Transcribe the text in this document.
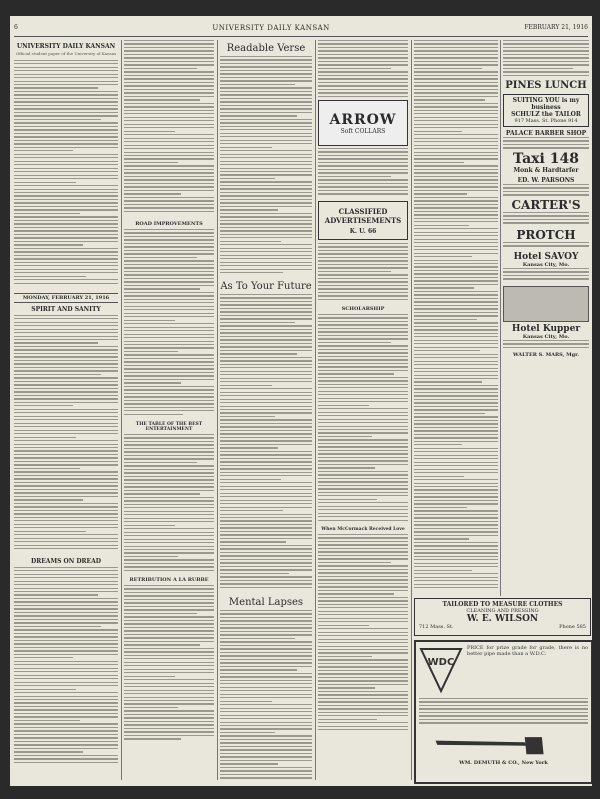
6	UNIVERSITY DAILY KANSAN	FEBRUARY 21, 1916
UNIVERSITY DAILY KANSAN
Official student paper of the University of Kansas
MONDAY, FEBRUARY 21, 1916
SPIRIT AND SANITY
DREAMS ON DREAD
ROAD IMPROVEMENTS
THE TABLE OF THE BEST ENTERTAINMENT
RETRIBUTION A LA RUBBE
Readable Verse
As To Your Future
Mental Lapses
ARROW
Soft COLLARS
CLASSIFIED ADVERTISEMENTS
K. U. 66
SCHOLARSHIP
When McCormack Received Love
PINES LUNCH
SUITING YOU is my business
SCHULZ the TAILOR
917 Mass. St. Phone 914
PALACE BARBER SHOP
Taxi 148
Monk & Hardtarfer
ED. W. PARSONS
CARTER'S
PROTCH
Hotel SAVOY
Kansas City, Mo.
Hotel Kupper
Kansas City, Mo.
WALTER S. MARS, Mgr.
TAILORED TO MEASURE CLOTHES
CLEANING AND PRESSING
W. E. WILSON
712 Mass. St.	Phone 585
WDC
PRICE for prize grade for grade, there is no better pipe made than a W.D.C.
WM. DEMUTH & CO., New York
